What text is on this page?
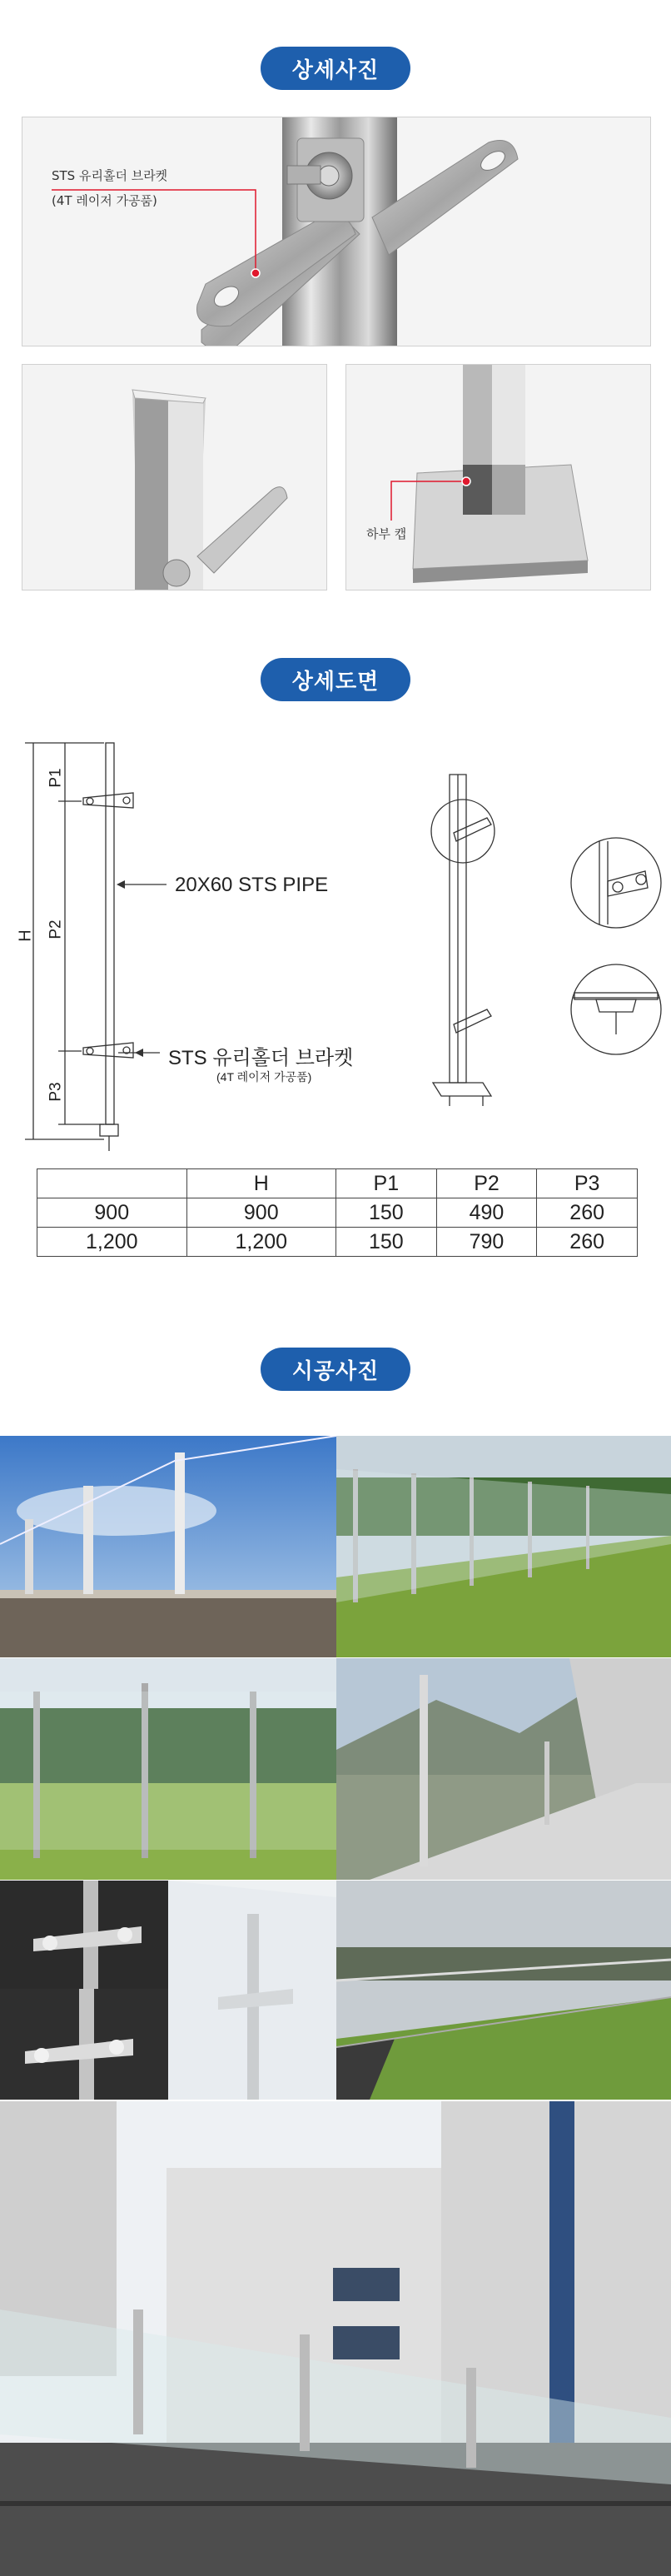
상세사진
STS 유리홀더 브라켓
(4T 레이저 가공품)
하부 캡
상세도면
H
P1
P2
P3
20X60 STS PIPE
STS 유리홀더 브라켓
(4T 레이저 가공품)
	H	P1	P2	P3
900	900	150	490	260
1,200	1,200	150	790	260
시공사진
